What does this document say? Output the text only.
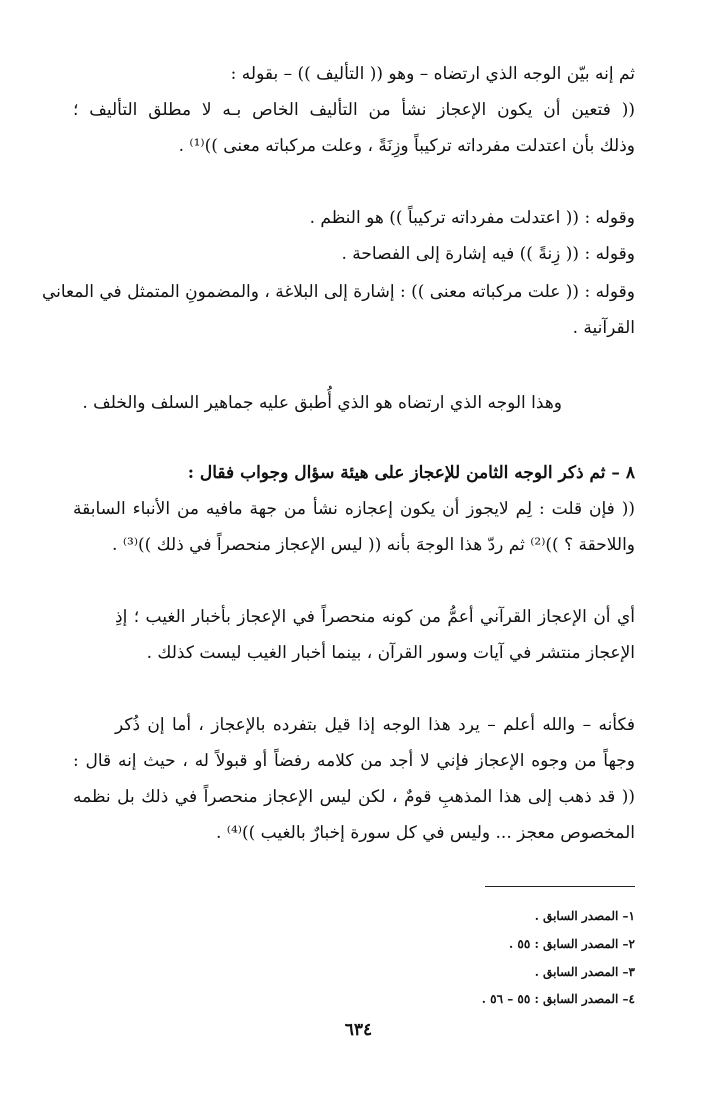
ثم إنه بيّن الوجه الذي ارتضاه – وهو (( التأليف )) – بقوله :
(( فتعين أن يكون الإعجاز نشأ من التأليف الخاص بـه لا مطلق التأليف ؛
وذلك بأن اعتدلت مفرداته تركيباً وزِنَةً ، وعلت مركباته معنى ))⁽¹⁾ .
وقوله : (( اعتدلت مفرداته تركيباً )) هو النظم .
وقوله : (( زِنةً )) فيه إشارة إلى الفصاحة .
وقوله : (( علت مركباته معنى )) : إشارة إلى البلاغة ، والمضمونِ المتمثل في المعاني
القرآنية .
وهذا الوجه الذي ارتضاه هو الذي أُطبق عليه جماهير السلف والخلف .
٨ – ثم ذكر الوجه الثامن للإعجاز على هيئة سؤال وجواب فقال :
(( فإن قلت : لِم لايجوز أن يكون إعجازه نشأ من جهة مافيه من الأنباء السابقة
واللاحقة ؟ ))⁽²⁾ ثم ردّ هذا الوجهَ بأنه (( ليس الإعجاز منحصراً في ذلك ))⁽³⁾ .
أي أن الإعجاز القرآني أعمُّ من كونه منحصراً في الإعجاز بأخبار الغيب ؛ إذِ
الإعجاز منتشر في آيات وسور القرآن ، بينما أخبار الغيب ليست كذلك .
فكأنه – والله أعلم – يرد هذا الوجه إذا قيل بتفرده بالإعجاز ، أما إن ذُكر
وجهاً من وجوه الإعجاز فإني لا أجد من كلامه رفضاً أو قبولاً له ، حيث إنه قال :
(( قد ذهب إلى هذا المذهبِ قومٌ ، لكن ليس الإعجاز منحصراً في ذلك بل نظمه
المخصوص معجز ... وليس في كل سورة إخبارٌ بالغيب ))⁽⁴⁾ .
١– المصدر السابق .
٢– المصدر السابق : ٥٥ .
٣– المصدر السابق .
٤– المصدر السابق : ٥٥ – ٥٦ .
٦٣٤
